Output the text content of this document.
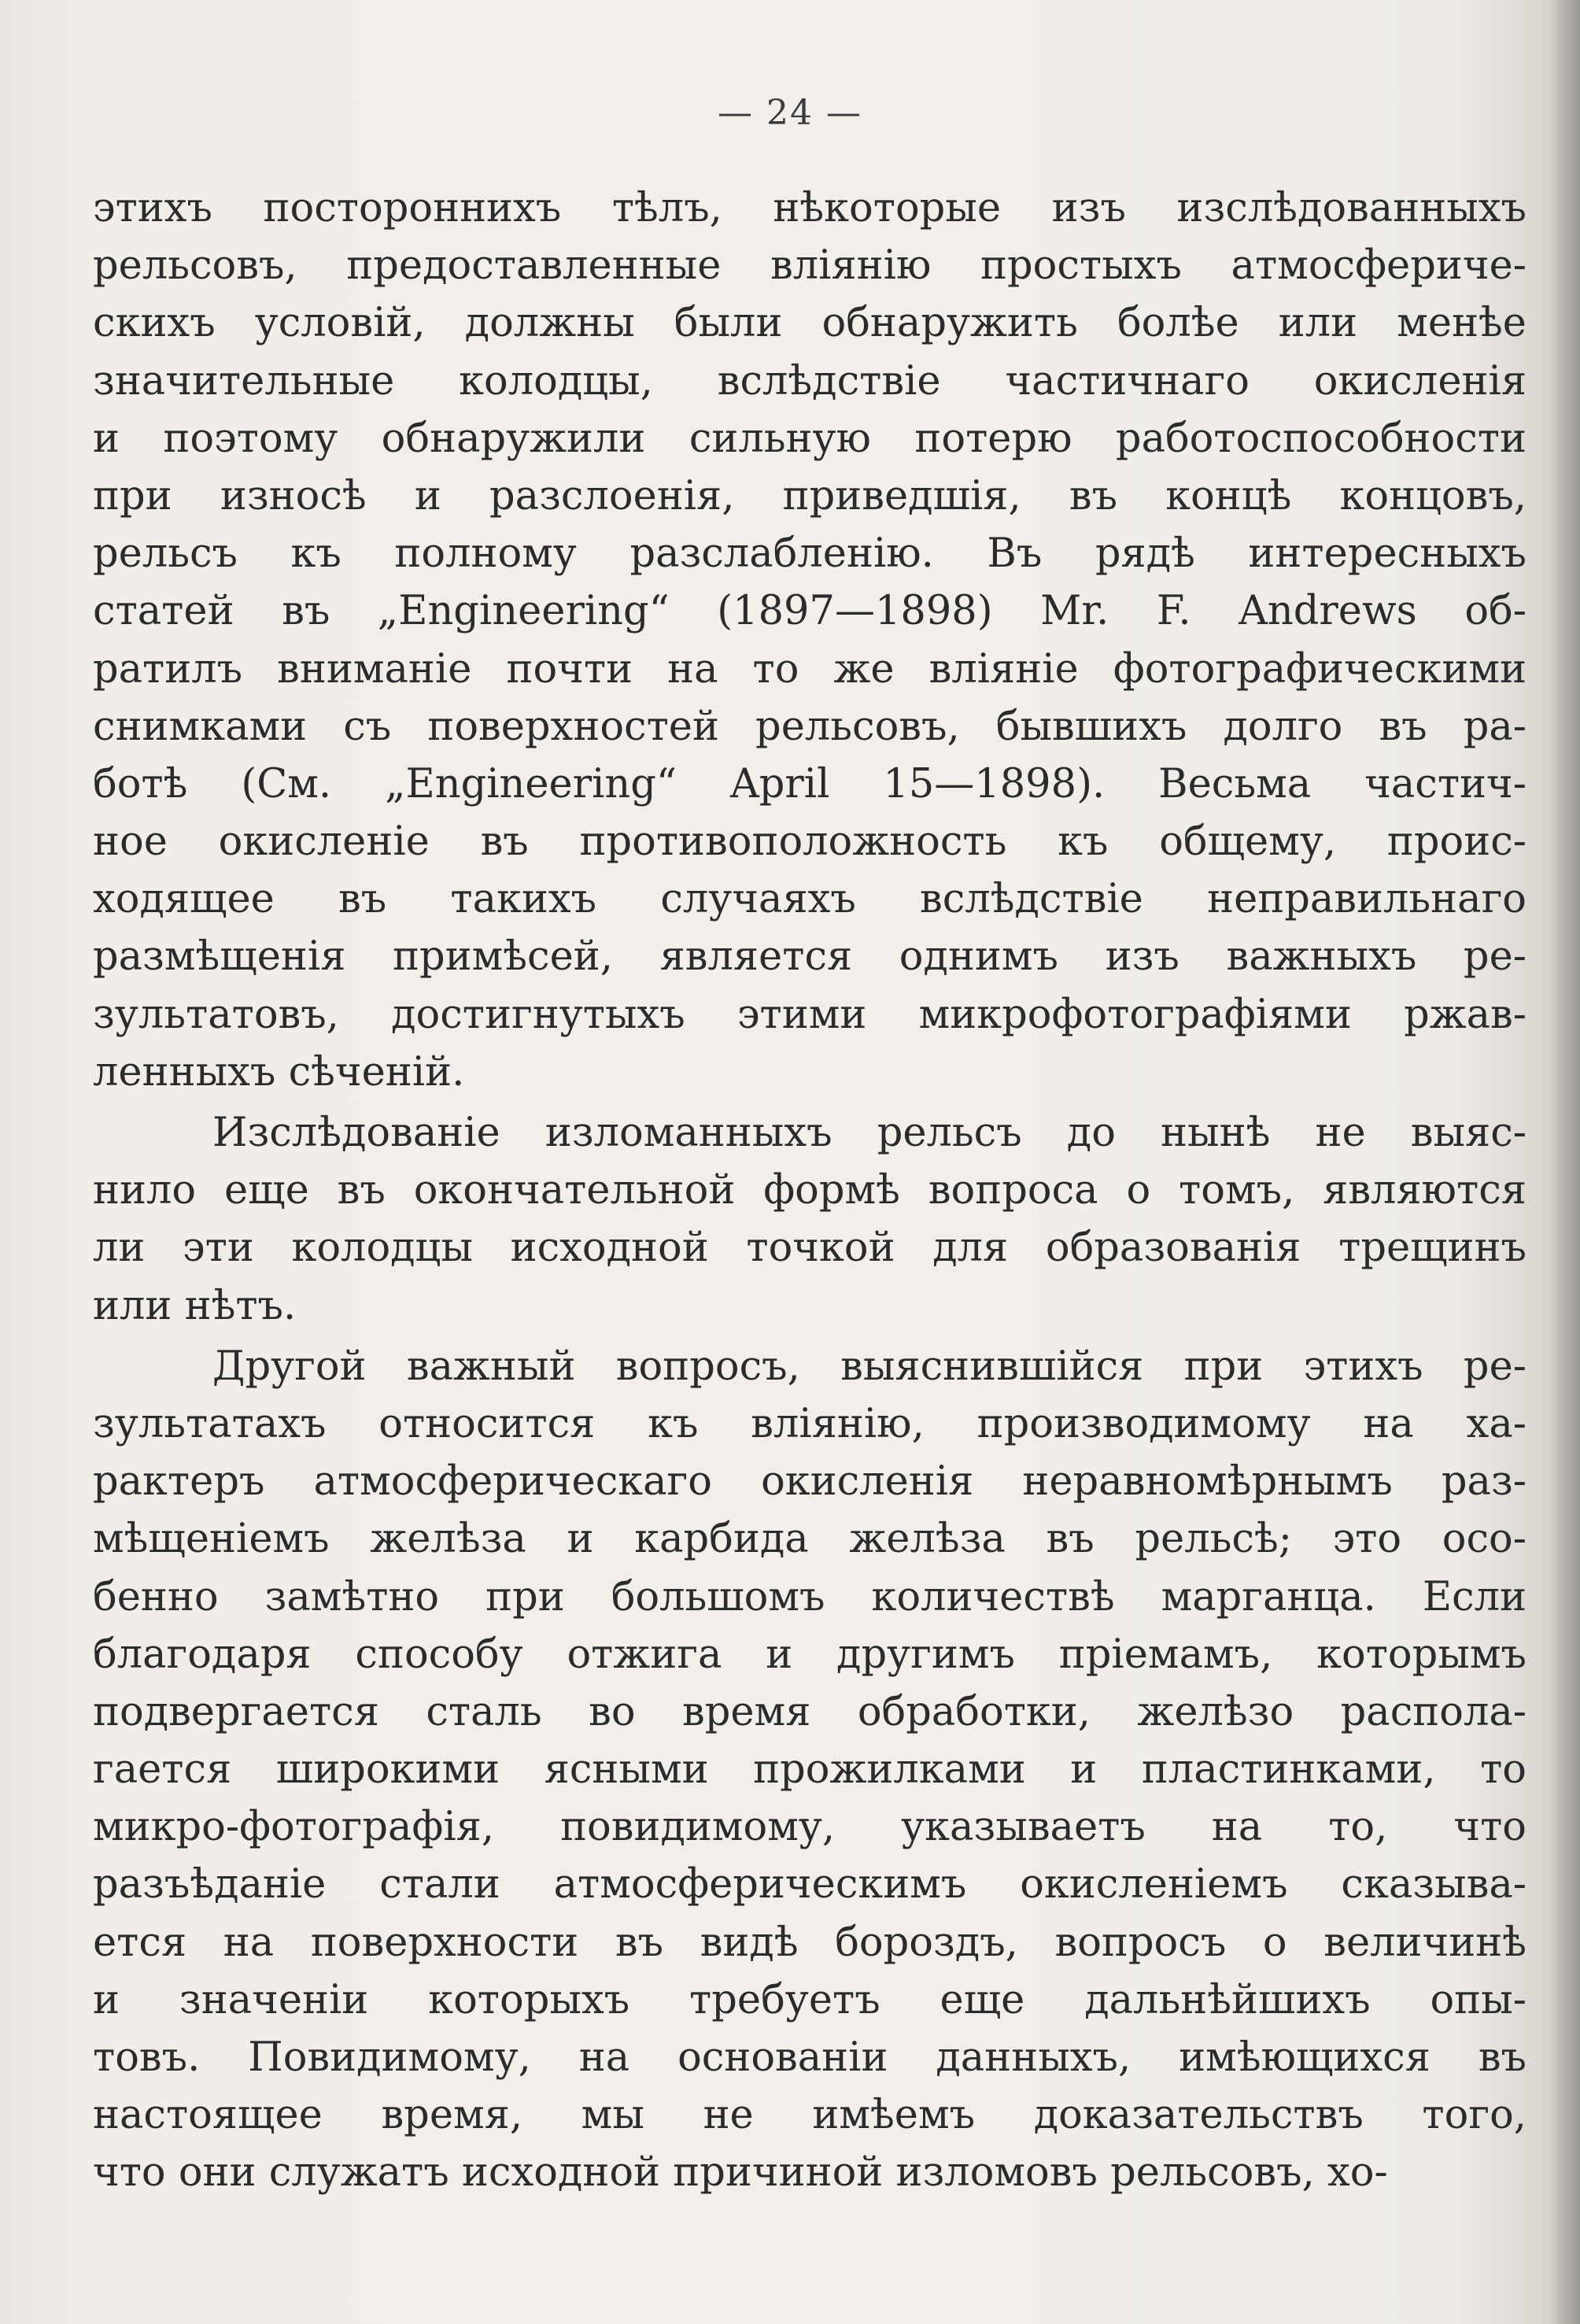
— 24 —
этихъ постороннихъ тѣлъ, нѣкоторые изъ изслѣдованныхъ
рельсовъ, предоставленные вліянію простыхъ атмосфериче-
скихъ условій, должны были обнаружить болѣе или менѣе
значительные колодцы, вслѣдствіе частичнаго окисленія
и поэтому обнаружили сильную потерю работоспособности
при износѣ и разслоенія, приведшія, въ концѣ концовъ,
рельсъ къ полному разслабленію. Въ рядѣ интересныхъ
статей въ „Engineering“ (1897—1898) Mr. F. Andrews об-
ратилъ вниманіе почти на то же вліяніе фотографическими
снимками съ поверхностей рельсовъ, бывшихъ долго въ ра-
ботѣ (См. „Engineering“ April 15—1898). Весьма частич-
ное окисленіе въ противоположность къ общему, проис-
ходящее въ такихъ случаяхъ вслѣдствіе неправильнаго
размѣщенія примѣсей, является однимъ изъ важныхъ ре-
зультатовъ, достигнутыхъ этими микрофотографіями ржав-
ленныхъ сѣченій.
Изслѣдованіе изломанныхъ рельсъ до нынѣ не выяс-
нило еще въ окончательной формѣ вопроса о томъ, являются
ли эти колодцы исходной точкой для образованія трещинъ
или нѣтъ.
Другой важный вопросъ, выяснившійся при этихъ ре-
зультатахъ относится къ вліянію, производимому на ха-
рактеръ атмосферическаго окисленія неравномѣрнымъ раз-
мѣщеніемъ желѣза и карбида желѣза въ рельсѣ; это осо-
бенно замѣтно при большомъ количествѣ марганца. Если
благодаря способу отжига и другимъ пріемамъ, которымъ
подвергается сталь во время обработки, желѣзо распола-
гается широкими ясными прожилками и пластинками, то
микро-фотографія, повидимому, указываетъ на то, что
разъѣданіе стали атмосферическимъ окисленіемъ сказыва-
ется на поверхности въ видѣ бороздъ, вопросъ о величинѣ
и значеніи которыхъ требуетъ еще дальнѣйшихъ опы-
товъ. Повидимому, на основаніи данныхъ, имѣющихся въ
настоящее время, мы не имѣемъ доказательствъ того,
что они служатъ исходной причиной изломовъ рельсовъ, хо-
